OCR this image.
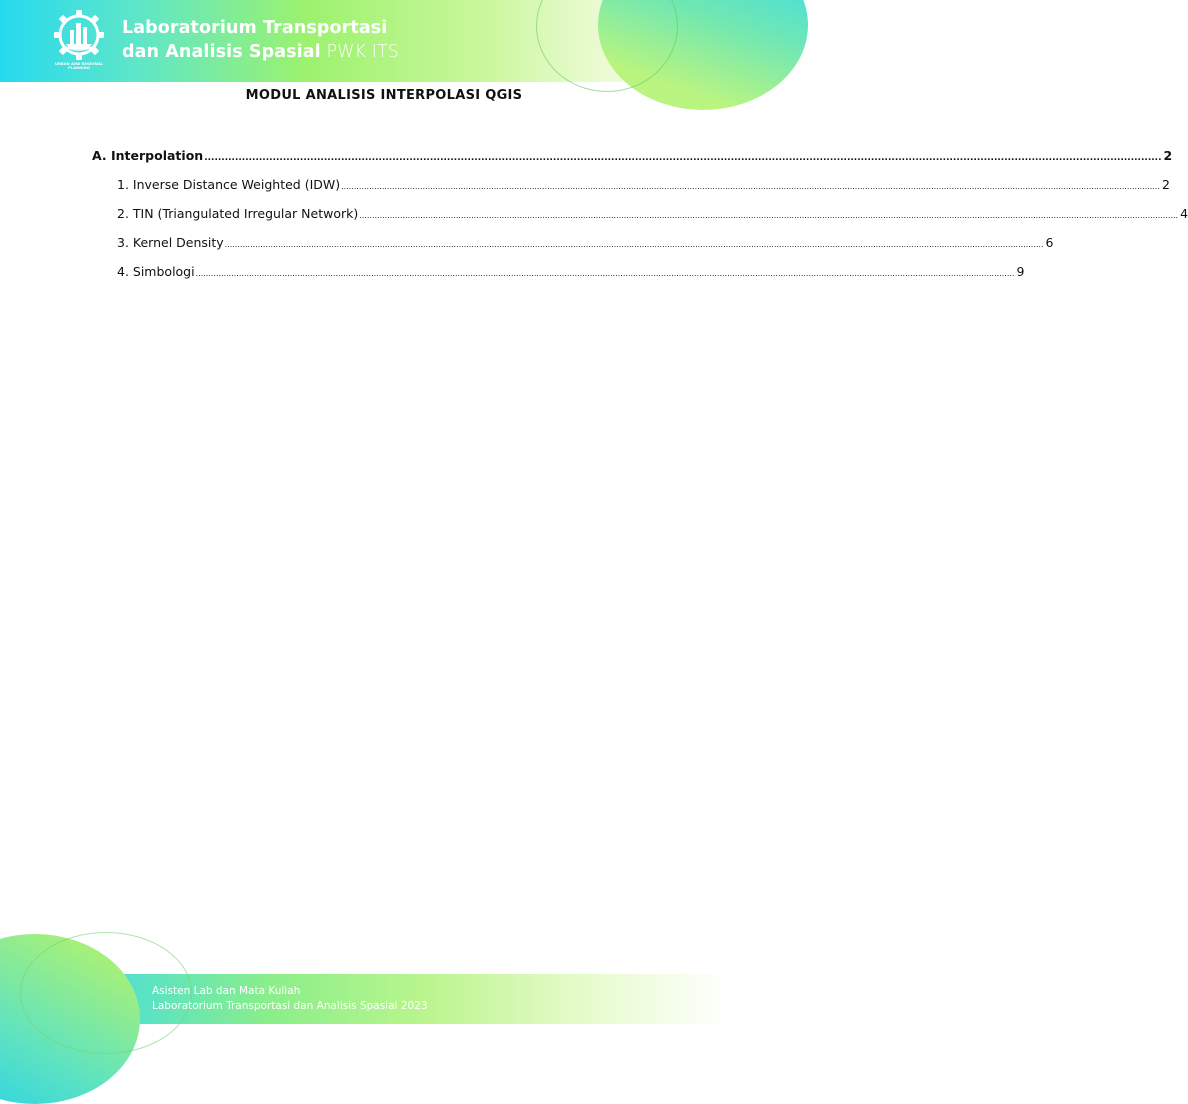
URBAN AND REGIONAL PLANNING
Laboratorium Transportasi
dan Analisis Spasial PWK ITS
MODUL ANALISIS INTERPOLASI QGIS
A. Interpolation ........................................................................................................................................................................................................................................................................................ 2
1. Inverse Distance Weighted (IDW) .................................................................................................................................................................................................................................................................................................................................. 2
2. TIN (Triangulated Irregular Network) .................................................................................................................................................................................................................................................................................................................................. 4
3. Kernel Density .................................................................................................................................................................................................................................................................................................................................. 6
4. Simbologi .................................................................................................................................................................................................................................................................................................................................. 9
Asisten Lab dan Mata Kuliah
Laboratorium Transportasi dan Analisis Spasial 2023
